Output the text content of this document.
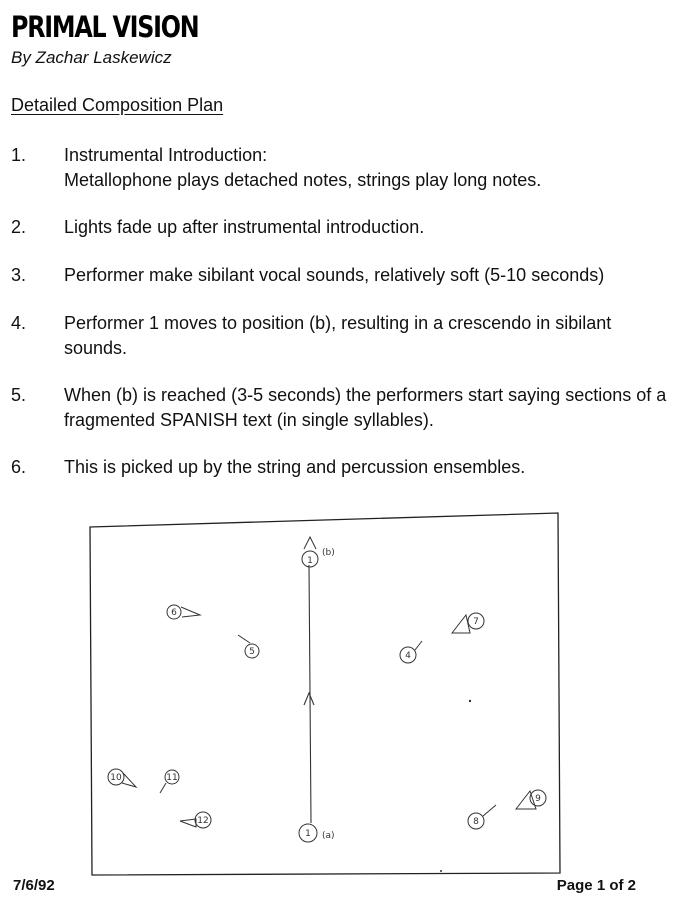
PRIMAL VISION
By Zachar Laskewicz
Detailed Composition Plan
1.	Instrumental Introduction:
Metallophone plays detached notes, strings play long notes.
2.	Lights fade up after instrumental introduction.
3.	Performer make sibilant vocal sounds, relatively soft (5-10 seconds)
4.	Performer 1 moves to position (b), resulting in a crescendo in sibilant sounds.
5.	When (b) is reached (3-5 seconds) the performers start saying sections of a fragmented SPANISH text (in single syllables).
6.	This is picked up by the string and percussion ensembles.
1
(b)
6
5	4
7
10	11
12
1 (a)
9
8
7/6/92	Page 1 of 2
